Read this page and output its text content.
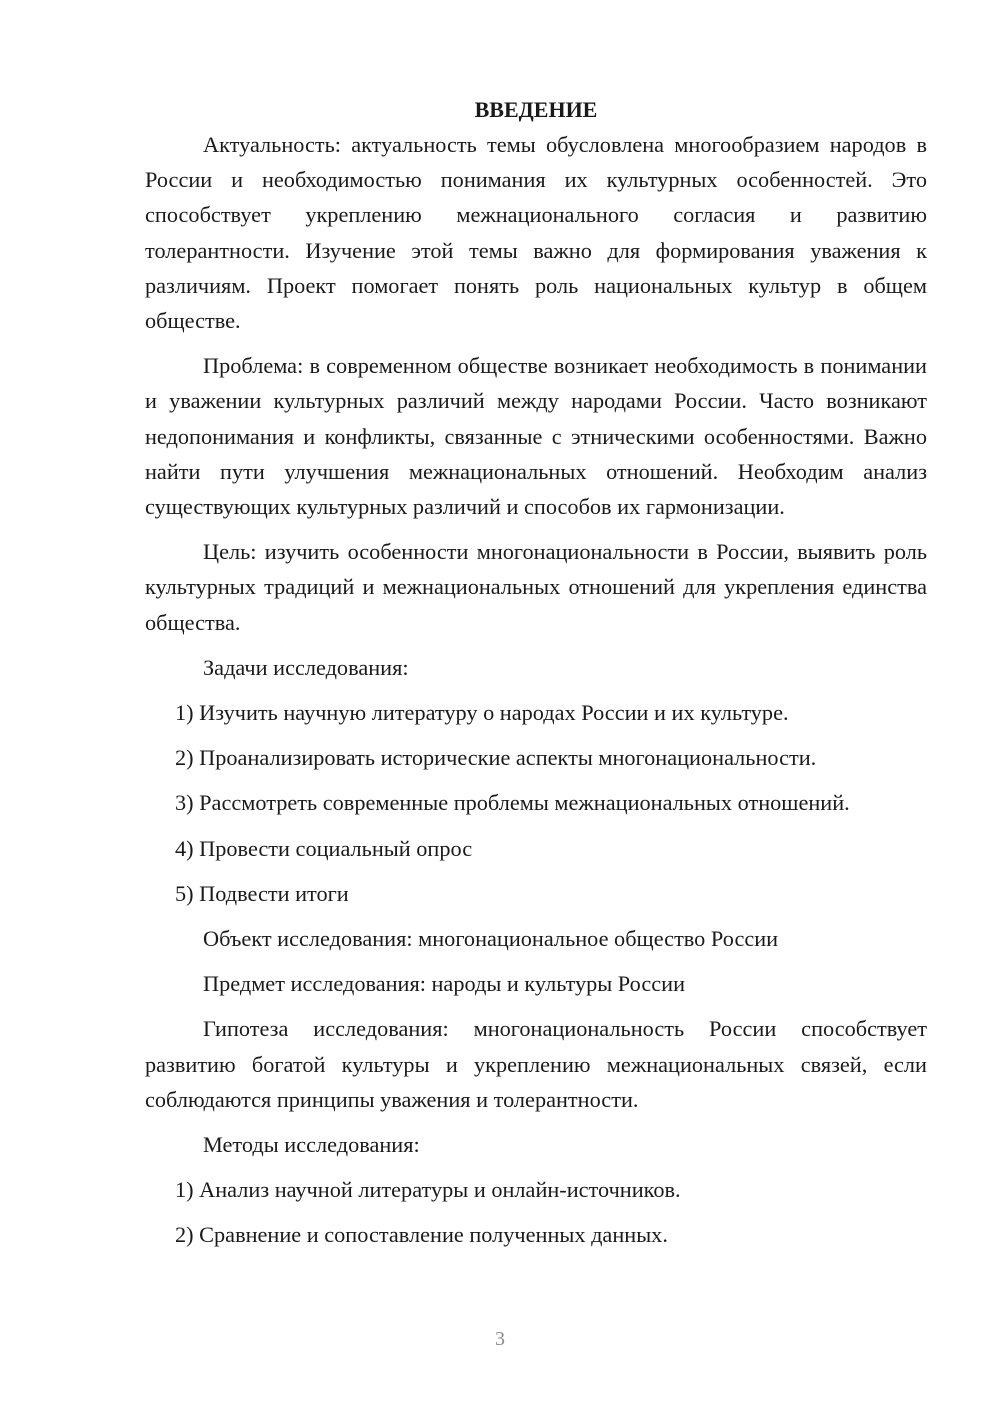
ВВЕДЕНИЕ

Актуальность: актуальность темы обусловлена многообразием народов в России и необходимостью понимания их культурных особенностей. Это способствует укреплению межнационального согласия и развитию толерантности. Изучение этой темы важно для формирования уважения к различиям. Проект помогает понять роль национальных культур в общем обществе.

Проблема: в современном обществе возникает необходимость в понимании и уважении культурных различий между народами России. Часто возникают недопонимания и конфликты, связанные с этническими особенностями. Важно найти пути улучшения межнациональных отношений. Необходим анализ существующих культурных различий и способов их гармонизации.

Цель: изучить особенности многонациональности в России, выявить роль культурных традиций и межнациональных отношений для укрепления единства общества.

Задачи исследования:
1) Изучить научную литературу о народах России и их культуре.
2) Проанализировать исторические аспекты многонациональности.
3) Рассмотреть современные проблемы межнациональных отношений.
4) Провести социальный опрос
5) Подвести итоги
Объект исследования: многонациональное общество России
Предмет исследования: народы и культуры России

Гипотеза исследования: многонациональность России способствует развитию богатой культуры и укреплению межнациональных связей, если соблюдаются принципы уважения и толерантности.

Методы исследования:
1) Анализ научной литературы и онлайн-источников.
2) Сравнение и сопоставление полученных данных.
3
